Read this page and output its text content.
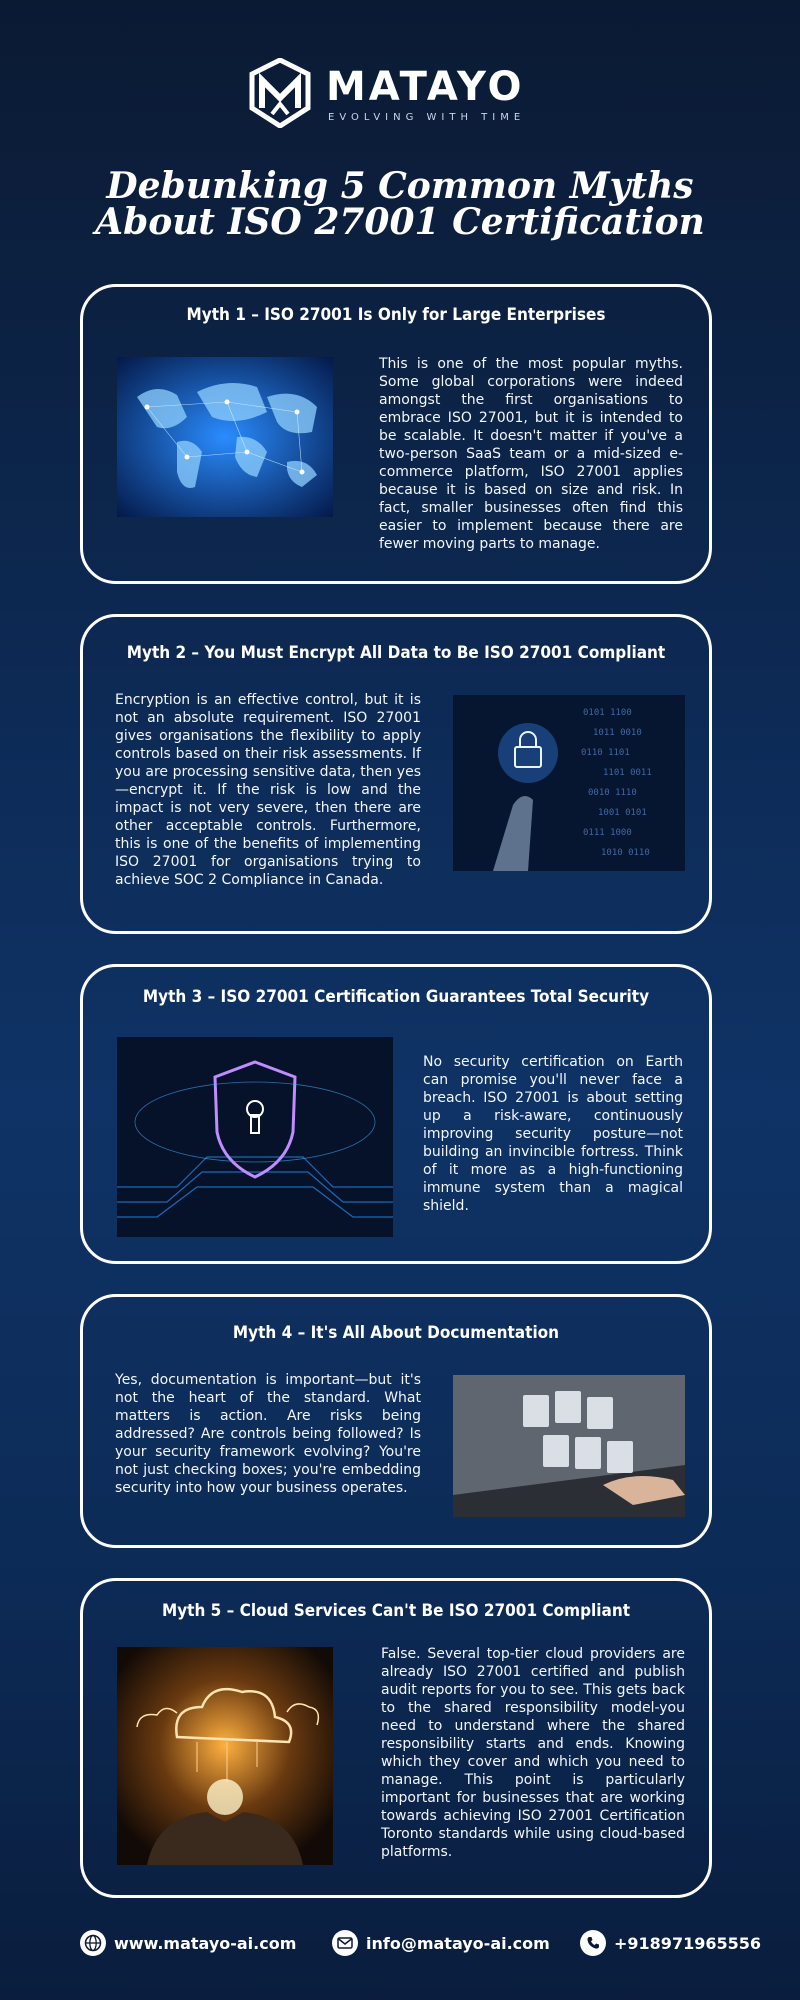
MATAYO
EVOLVING WITH TIME
Debunking 5 Common Myths
About ISO 27001 Certification
Myth 1 – ISO 27001 Is Only for Large Enterprises

This is one of the most popular myths. Some global corporations were indeed amongst the first organisations to embrace ISO 27001, but it is intended to be scalable. It doesn't matter if you've a two-person SaaS team or a mid-sized e-commerce platform, ISO 27001 applies because it is based on size and risk. In fact, smaller businesses often find this easier to implement because there are fewer moving parts to manage.

Myth 2 – You Must Encrypt All Data to Be ISO 27001 Compliant

Encryption is an effective control, but it is not an absolute requirement. ISO 27001 gives organisations the flexibility to apply controls based on their risk assessments. If you are processing sensitive data, then yes—encrypt it. If the risk is low and the impact is not very severe, then there are other acceptable controls. Furthermore, this is one of the benefits of implementing ISO 27001 for organisations trying to achieve SOC 2 Compliance in Canada.

0101 1100
1011 0010
0110 1101
1101 0011
0010 1110
1001 0101
0111 1000
1010 0110
Myth 3 – ISO 27001 Certification Guarantees Total Security

No security certification on Earth can promise you'll never face a breach. ISO 27001 is about setting up a risk-aware, continuously improving security posture—not building an invincible fortress. Think of it more as a high-functioning immune system than a magical shield.

Myth 4 – It's All About Documentation

Yes, documentation is important—but it's not the heart of the standard. What matters is action. Are risks being addressed? Are controls being followed? Is your security framework evolving? You're not just checking boxes; you're embedding security into how your business operates.

Myth 5 – Cloud Services Can't Be ISO 27001 Compliant

False. Several top-tier cloud providers are already ISO 27001 certified and publish audit reports for you to see. This gets back to the shared responsibility model-you need to understand where the shared responsibility starts and ends. Knowing which they cover and which you need to manage. This point is particularly important for businesses that are working towards achieving ISO 27001 Certification Toronto standards while using cloud-based platforms.

www.matayo-ai.com	info@matayo-ai.com	+918971965556
